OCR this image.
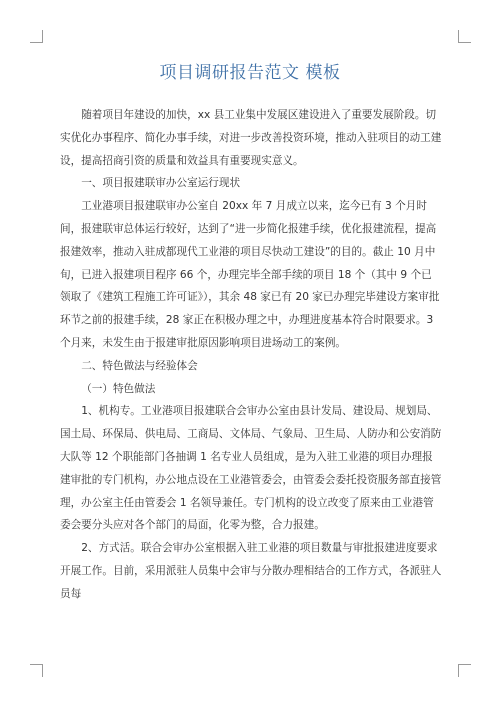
项目调研报告范文 模板

随着项目年建设的加快，xx 县工业集中发展区建设进入了重要发展阶段。切实优化办事程序、简化办事手续，对进一步改善投资环境，推动入驻项目的动工建设，提高招商引资的质量和效益具有重要现实意义。

一、项目报建联审办公室运行现状

工业港项目报建联审办公室自 20xx 年 7 月成立以来，迄今已有 3 个月时间，报建联审总体运行较好，达到了“进一步简化报建手续，优化报建流程，提高报建效率，推动入驻成都现代工业港的项目尽快动工建设”的目的。截止 10 月中旬，已进入报建项目程序 66 个，办理完毕全部手续的项目 18 个（其中 9 个已领取了《建筑工程施工许可证》），其余 48 家已有 20 家已办理完毕建设方案审批环节之前的报建手续，28 家正在积极办理之中，办理进度基本符合时限要求。3 个月来，未发生由于报建审批原因影响项目进场动工的案例。

二、特色做法与经验体会

（一）特色做法

1、机构专。工业港项目报建联合会审办公室由县计发局、建设局、规划局、国土局、环保局、供电局、工商局、文体局、气象局、卫生局、人防办和公安消防大队等 12 个职能部门各抽调 1 名专业人员组成，是为入驻工业港的项目办理报建审批的专门机构，办公地点设在工业港管委会，由管委会委托投资服务部直接管理，办公室主任由管委会 1 名领导兼任。专门机构的设立改变了原来由工业港管委会要分头应对各个部门的局面，化零为整，合力报建。

2、方式活。联合会审办公室根据入驻工业港的项目数量与审批报建进度要求开展工作。目前，采用派驻人员集中会审与分散办理相结合的工作方式，各派驻人员每
